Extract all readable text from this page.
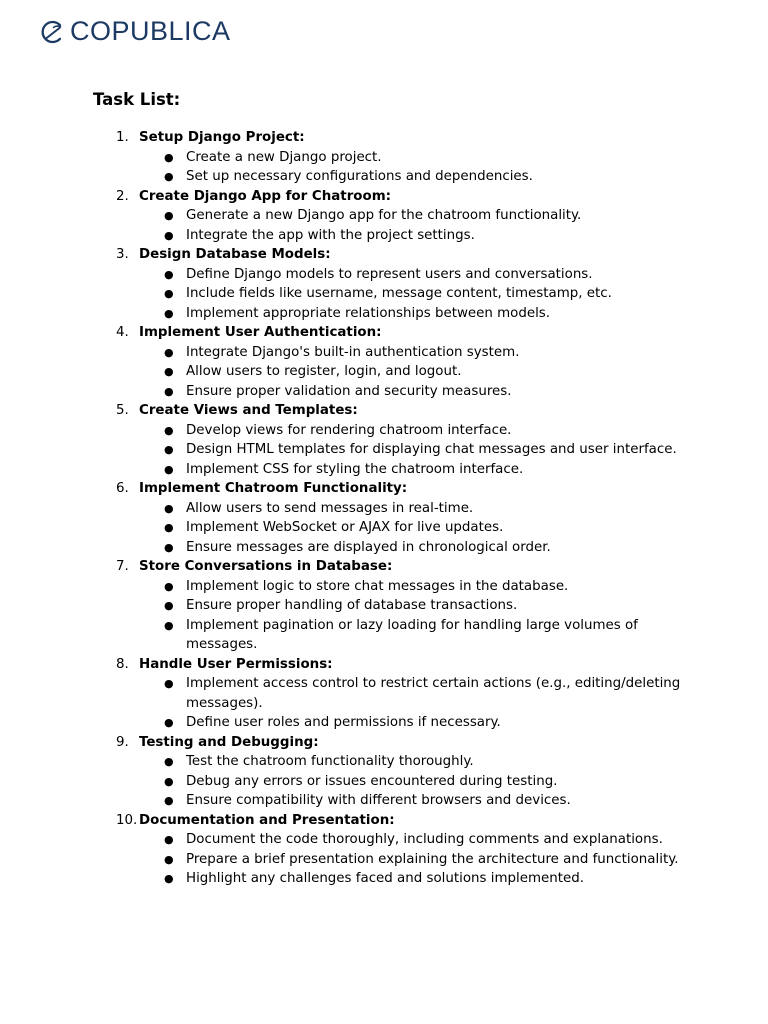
COPUBLICA
Task List:
1. Setup Django Project:
● Create a new Django project.
● Set up necessary configurations and dependencies.
2. Create Django App for Chatroom:
● Generate a new Django app for the chatroom functionality.
● Integrate the app with the project settings.
3. Design Database Models:
● Define Django models to represent users and conversations.
● Include fields like username, message content, timestamp, etc.
● Implement appropriate relationships between models.
4. Implement User Authentication:
● Integrate Django's built-in authentication system.
● Allow users to register, login, and logout.
● Ensure proper validation and security measures.
5. Create Views and Templates:
● Develop views for rendering chatroom interface.
● Design HTML templates for displaying chat messages and user interface.
● Implement CSS for styling the chatroom interface.
6. Implement Chatroom Functionality:
● Allow users to send messages in real-time.
● Implement WebSocket or AJAX for live updates.
● Ensure messages are displayed in chronological order.
7. Store Conversations in Database:
● Implement logic to store chat messages in the database.
● Ensure proper handling of database transactions.
● Implement pagination or lazy loading for handling large volumes of messages.
8. Handle User Permissions:
● Implement access control to restrict certain actions (e.g., editing/deleting messages).
● Define user roles and permissions if necessary.
9. Testing and Debugging:
● Test the chatroom functionality thoroughly.
● Debug any errors or issues encountered during testing.
● Ensure compatibility with different browsers and devices.
10. Documentation and Presentation:
● Document the code thoroughly, including comments and explanations.
● Prepare a brief presentation explaining the architecture and functionality.
● Highlight any challenges faced and solutions implemented.
